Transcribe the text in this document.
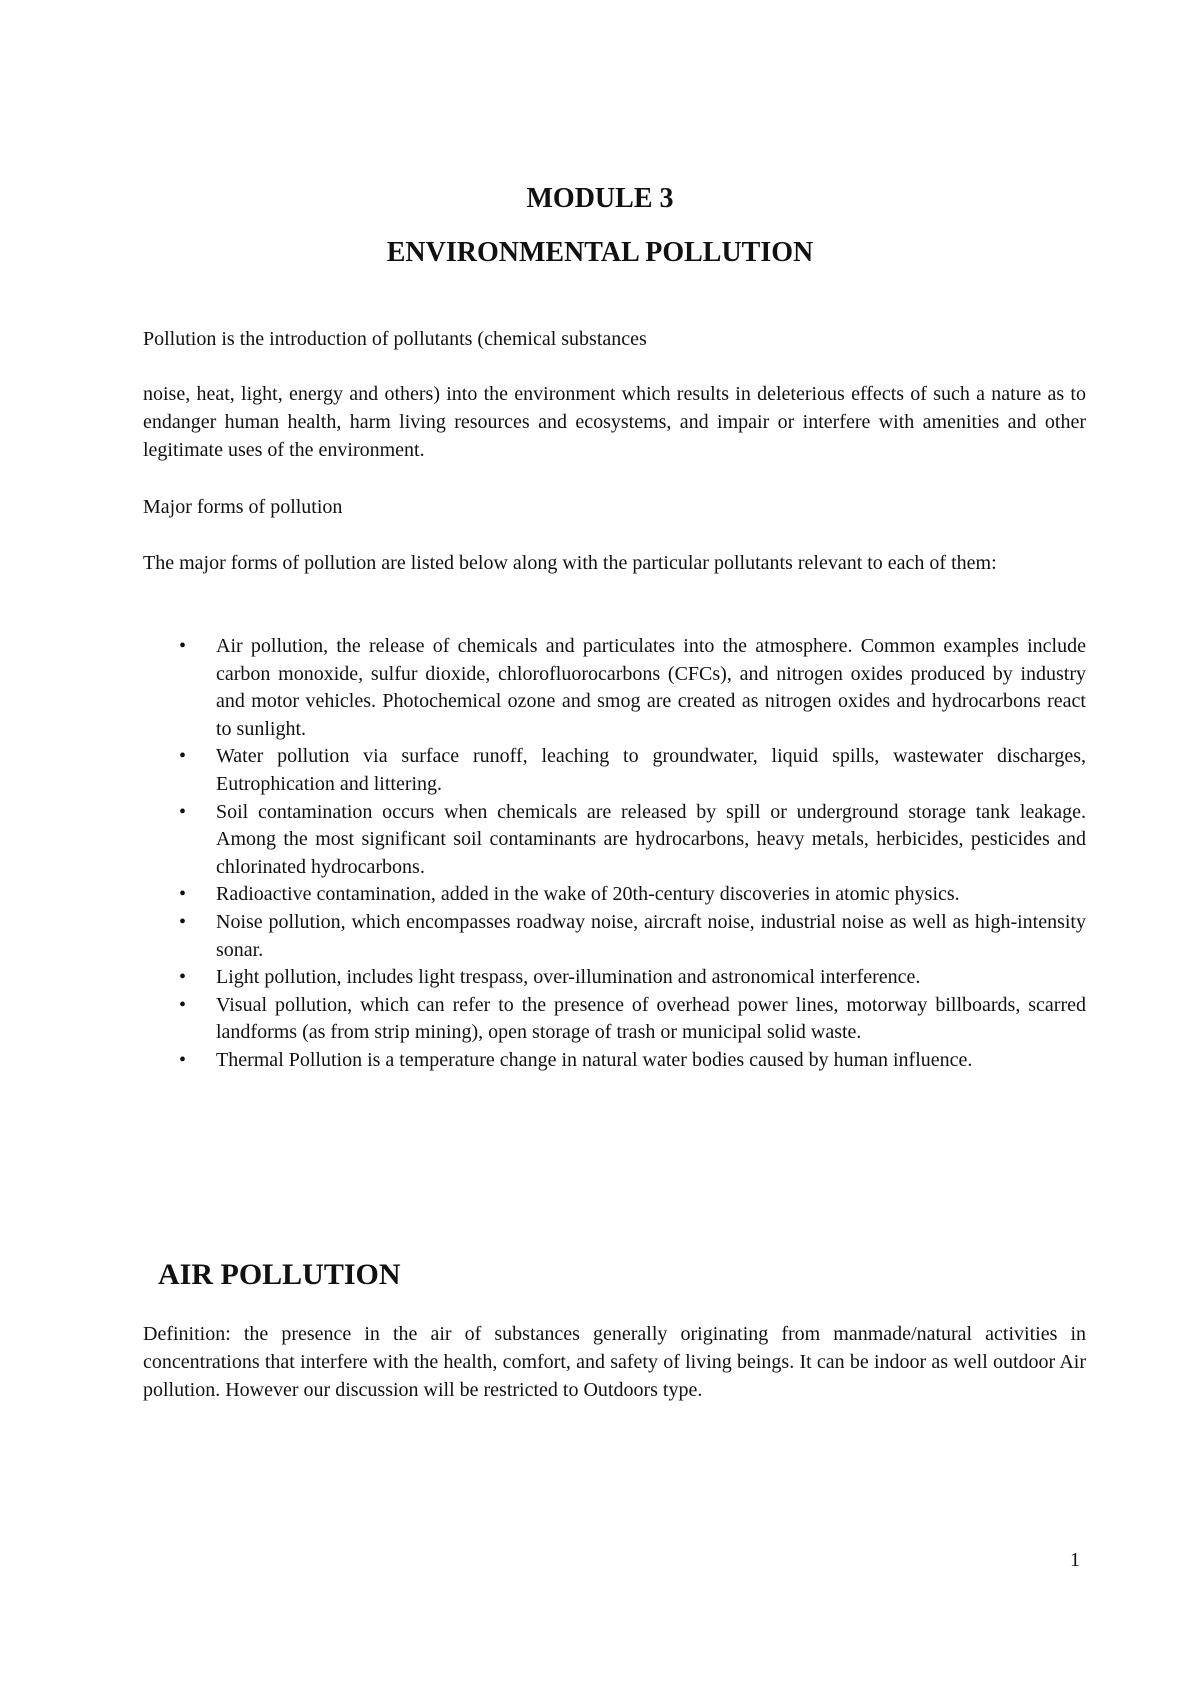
MODULE 3
ENVIRONMENTAL POLLUTION

Pollution is the introduction of pollutants (chemical substances

noise, heat, light, energy and others) into the environment which results in deleterious effects of such a nature as to endanger human health, harm living resources and ecosystems, and impair or interfere with amenities and other legitimate uses of the environment.

Major forms of pollution

The major forms of pollution are listed below along with the particular pollutants relevant to each of them:

• Air pollution, the release of chemicals and particulates into the atmosphere. Common examples include carbon monoxide, sulfur dioxide, chlorofluorocarbons (CFCs), and nitrogen oxides produced by industry and motor vehicles. Photochemical ozone and smog are created as nitrogen oxides and hydrocarbons react to sunlight.
• Water pollution via surface runoff, leaching to groundwater, liquid spills, wastewater discharges, Eutrophication and littering.
• Soil contamination occurs when chemicals are released by spill or underground storage tank leakage. Among the most significant soil contaminants are hydrocarbons, heavy metals, herbicides, pesticides and chlorinated hydrocarbons.
• Radioactive contamination, added in the wake of 20th-century discoveries in atomic physics.
• Noise pollution, which encompasses roadway noise, aircraft noise, industrial noise as well as high-intensity sonar.
• Light pollution, includes light trespass, over-illumination and astronomical interference.
• Visual pollution, which can refer to the presence of overhead power lines, motorway billboards, scarred landforms (as from strip mining), open storage of trash or municipal solid waste.
• Thermal Pollution is a temperature change in natural water bodies caused by human influence.
AIR POLLUTION

Definition: the presence in the air of substances generally originating from manmade/natural activities in concentrations that interfere with the health, comfort, and safety of living beings. It can be indoor as well outdoor Air pollution. However our discussion will be restricted to Outdoors type.

1
